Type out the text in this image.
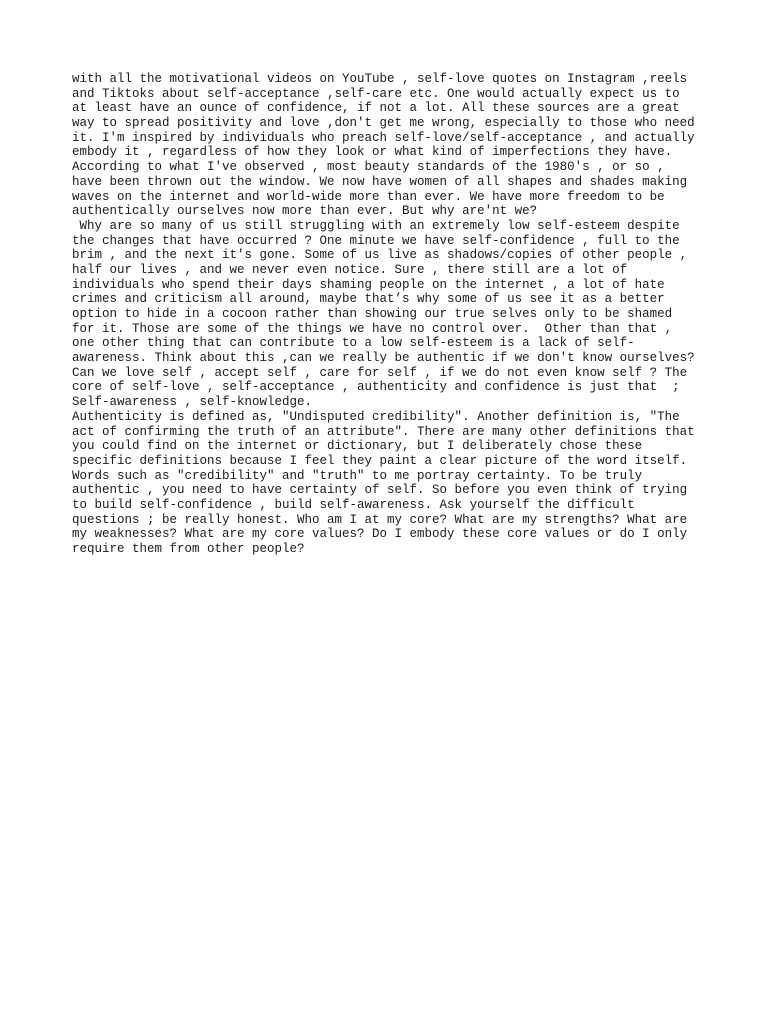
with all the motivational videos on YouTube , self-love quotes on Instagram ,reels
and Tiktoks about self-acceptance ,self-care etc. One would actually expect us to
at least have an ounce of confidence, if not a lot. All these sources are a great
way to spread positivity and love ,don't get me wrong, especially to those who need
it. I'm inspired by individuals who preach self-love/self-acceptance , and actually
embody it , regardless of how they look or what kind of imperfections they have.
According to what I've observed , most beauty standards of the 1980's , or so ,
have been thrown out the window. We now have women of all shapes and shades making
waves on the internet and world-wide more than ever. We have more freedom to be
authentically ourselves now more than ever. But why are'nt we?
Why are so many of us still struggling with an extremely low self-esteem despite
the changes that have occurred ? One minute we have self-confidence , full to the
brim , and the next it's gone. Some of us live as shadows/copies of other people ,
half our lives , and we never even notice. Sure , there still are a lot of
individuals who spend their days shaming people on the internet , a lot of hate
crimes and criticism all around, maybe that’s why some of us see it as a better
option to hide in a cocoon rather than showing our true selves only to be shamed
for it. Those are some of the things we have no control over.  Other than that ,
one other thing that can contribute to a low self-esteem is a lack of self-
awareness. Think about this ,can we really be authentic if we don't know ourselves?
Can we love self , accept self , care for self , if we do not even know self ? The
core of self-love , self-acceptance , authenticity and confidence is just that  ;
Self-awareness , self-knowledge.
Authenticity is defined as, "Undisputed credibility". Another definition is, "The
act of confirming the truth of an attribute". There are many other definitions that
you could find on the internet or dictionary, but I deliberately chose these
specific definitions because I feel they paint a clear picture of the word itself.
Words such as "credibility" and "truth" to me portray certainty. To be truly
authentic , you need to have certainty of self. So before you even think of trying
to build self-confidence , build self-awareness. Ask yourself the difficult
questions ; be really honest. Who am I at my core? What are my strengths? What are
my weaknesses? What are my core values? Do I embody these core values or do I only
require them from other people?
